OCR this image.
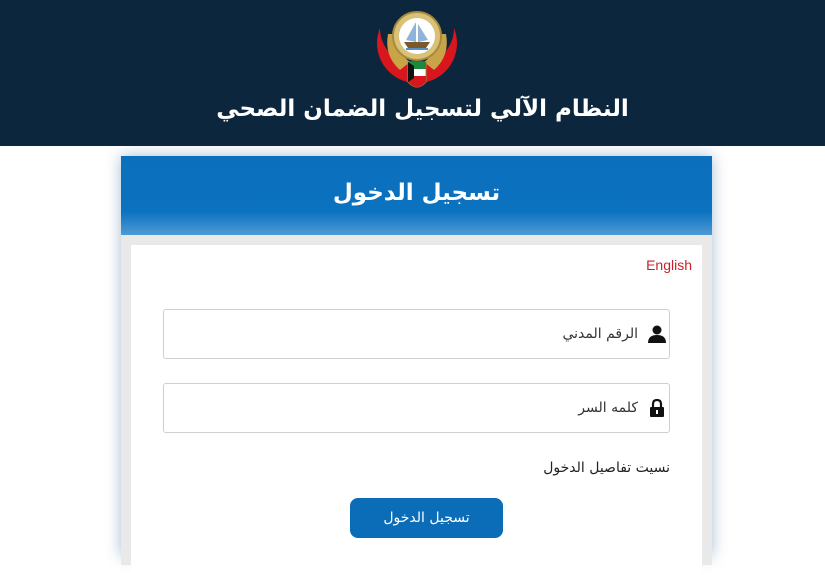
النظام الآلي لتسجيل الضمان الصحي
تسجيل الدخول
English
الرقم المدني
نسيت تفاصيل الدخول
تسجيل الدخول
